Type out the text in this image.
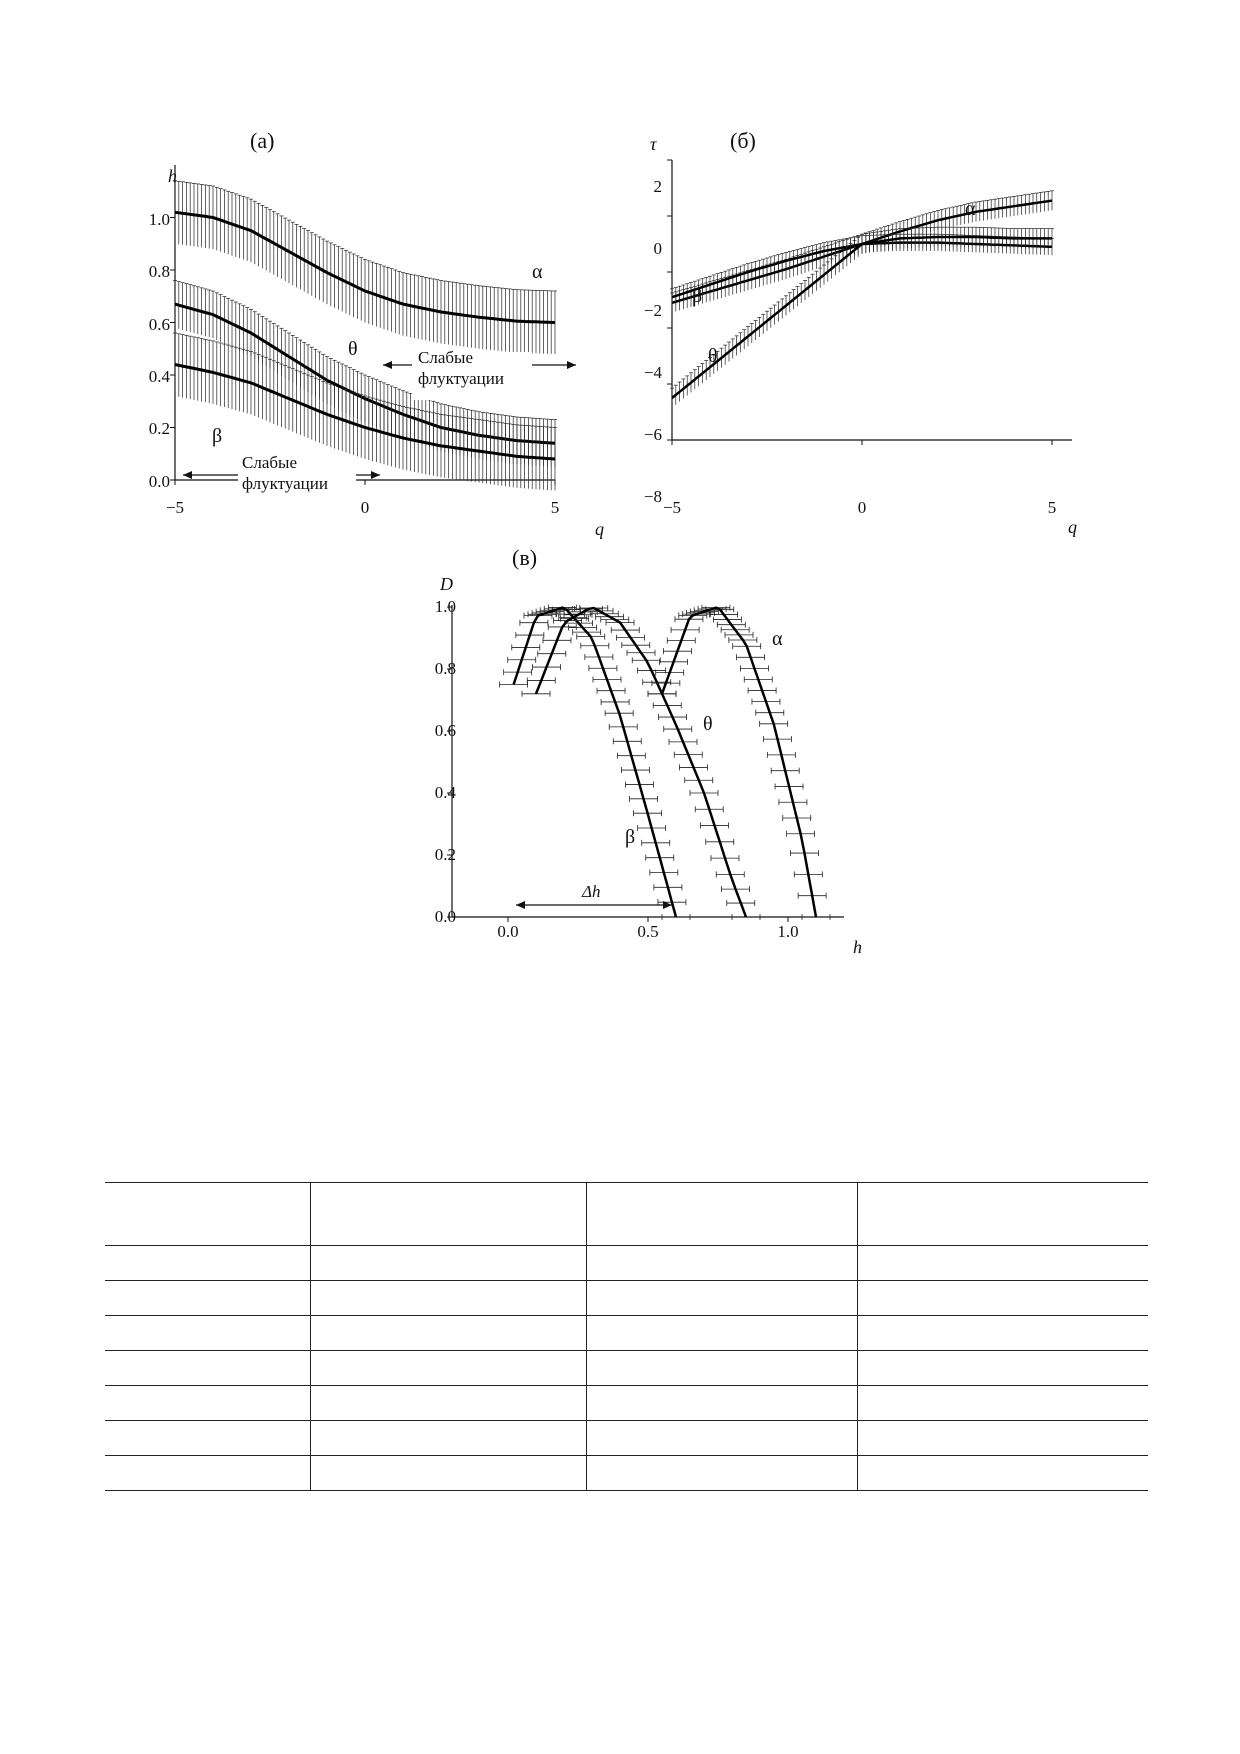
(а)
h
q
−5	0	5
0.0
0.2
0.4
0.6
0.8
1.0
α
θ
β
Слабые
флуктуации
Слабые
флуктуации
(б)
τ
q
−5	0	5
−8
−6
−4
−2
0
2
α
β
θ
(в)
D
h
0.0	0.5	1.0
0.0
0.2
0.4
0.6
0.8
1.0
β
θ
α
Δh
